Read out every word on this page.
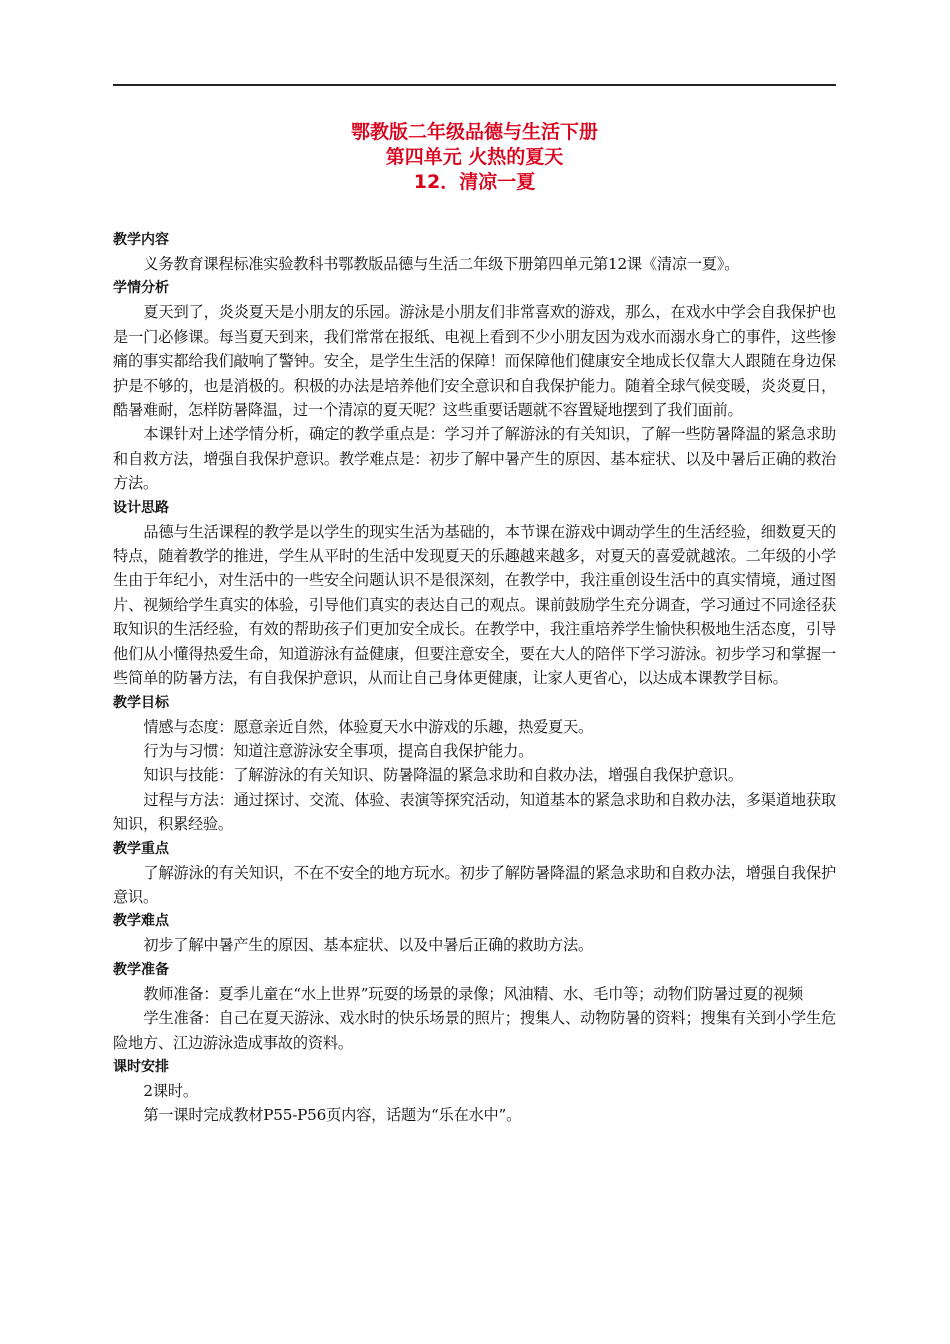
鄂教版二年级品德与生活下册
第四单元 火热的夏天
12．清凉一夏

教学内容

义务教育课程标准实验教科书鄂教版品德与生活二年级下册第四单元第12课《清凉一夏》。

学情分析

夏天到了，炎炎夏天是小朋友的乐园。游泳是小朋友们非常喜欢的游戏，那么，在戏水中学会自我保护也是一门必修课。每当夏天到来，我们常常在报纸、电视上看到不少小朋友因为戏水而溺水身亡的事件，这些惨痛的事实都给我们敲响了警钟。安全，是学生生活的保障！而保障他们健康安全地成长仅靠大人跟随在身边保护是不够的，也是消极的。积极的办法是培养他们安全意识和自我保护能力。随着全球气候变暖，炎炎夏日，酷暑难耐，怎样防暑降温，过一个清凉的夏天呢？这些重要话题就不容置疑地摆到了我们面前。

本课针对上述学情分析，确定的教学重点是：学习并了解游泳的有关知识，了解一些防暑降温的紧急求助和自救方法，增强自我保护意识。教学难点是：初步了解中暑产生的原因、基本症状、以及中暑后正确的救治方法。

设计思路

品德与生活课程的教学是以学生的现实生活为基础的，本节课在游戏中调动学生的生活经验，细数夏天的特点，随着教学的推进，学生从平时的生活中发现夏天的乐趣越来越多，对夏天的喜爱就越浓。二年级的小学生由于年纪小，对生活中的一些安全问题认识不是很深刻，在教学中，我注重创设生活中的真实情境，通过图片、视频给学生真实的体验，引导他们真实的表达自己的观点。课前鼓励学生充分调查，学习通过不同途径获取知识的生活经验，有效的帮助孩子们更加安全成长。在教学中，我注重培养学生愉快积极地生活态度，引导他们从小懂得热爱生命，知道游泳有益健康，但要注意安全，要在大人的陪伴下学习游泳。初步学习和掌握一些简单的防暑方法，有自我保护意识，从而让自己身体更健康，让家人更省心，以达成本课教学目标。

教学目标

情感与态度：愿意亲近自然，体验夏天水中游戏的乐趣，热爱夏天。

行为与习惯：知道注意游泳安全事项，提高自我保护能力。

知识与技能：了解游泳的有关知识、防暑降温的紧急求助和自救办法，增强自我保护意识。

过程与方法：通过探讨、交流、体验、表演等探究活动，知道基本的紧急求助和自救办法，多渠道地获取知识，积累经验。

教学重点

了解游泳的有关知识，不在不安全的地方玩水。初步了解防暑降温的紧急求助和自救办法，增强自我保护意识。

教学难点

初步了解中暑产生的原因、基本症状、以及中暑后正确的救助方法。

教学准备

教师准备：夏季儿童在“水上世界”玩耍的场景的录像；风油精、水、毛巾等；动物们防暑过夏的视频

学生准备：自己在夏天游泳、戏水时的快乐场景的照片；搜集人、动物防暑的资料；搜集有关到小学生危险地方、江边游泳造成事故的资料。

课时安排

2课时。

第一课时完成教材P55-P56页内容，话题为“乐在水中”。
